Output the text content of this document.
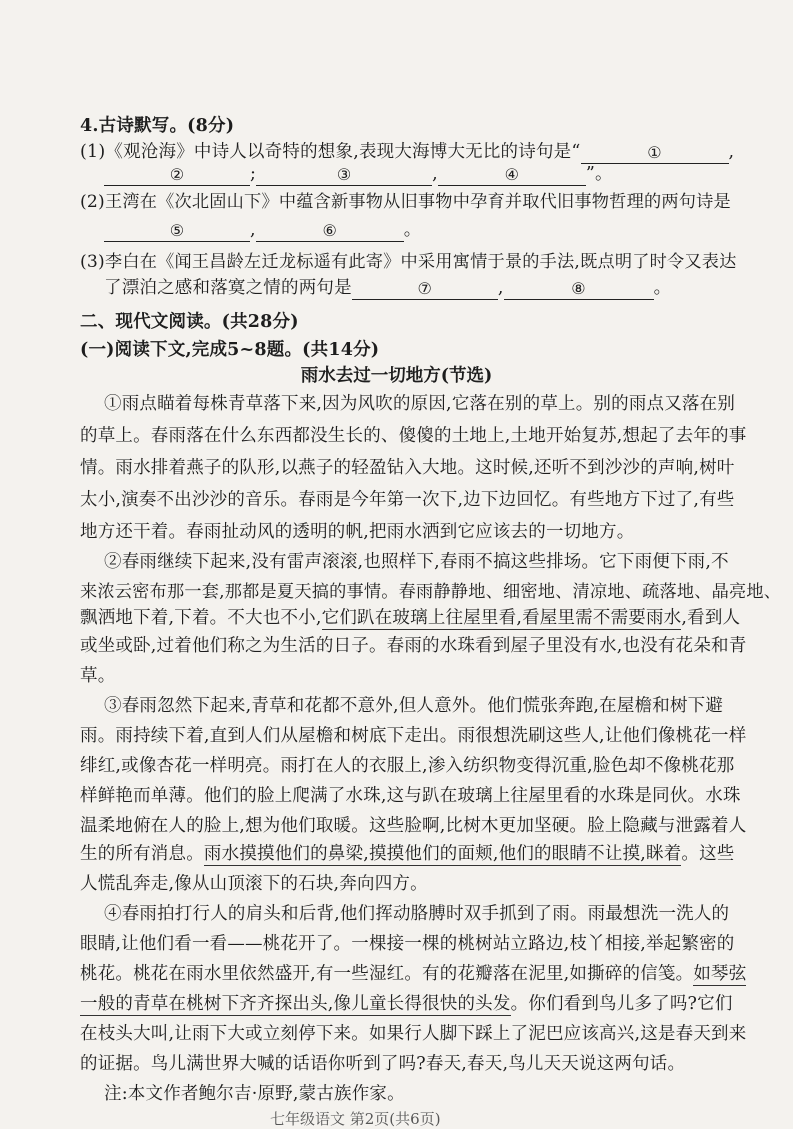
4.古诗默写。(8分)
(1)《观沧海》中诗人以奇特的想象,表现大海博大无比的诗句是“	①	,
②	;	③	,	④	”。
(2)王湾在《次北固山下》中蕴含新事物从旧事物中孕育并取代旧事物哲理的两句诗是
⑤	,	⑥	。
(3)李白在《闻王昌龄左迁龙标遥有此寄》中采用寓情于景的手法,既点明了时令又表达
了漂泊之感和落寞之情的两句是	⑦	,	⑧	。
二、现代文阅读。(共28分)
(一)阅读下文,完成5~8题。(共14分)
雨水去过一切地方(节选)
①雨点瞄着每株青草落下来,因为风吹的原因,它落在别的草上。别的雨点又落在别
的草上。春雨落在什么东西都没生长的、傻傻的土地上,土地开始复苏,想起了去年的事
情。雨水排着燕子的队形,以燕子的轻盈钻入大地。这时候,还听不到沙沙的声响,树叶
太小,演奏不出沙沙的音乐。春雨是今年第一次下,边下边回忆。有些地方下过了,有些
地方还干着。春雨扯动风的透明的帆,把雨水洒到它应该去的一切地方。
②春雨继续下起来,没有雷声滚滚,也照样下,春雨不搞这些排场。它下雨便下雨,不
来浓云密布那一套,那都是夏天搞的事情。春雨静静地、细密地、清凉地、疏落地、晶亮地、
飘洒地下着,下着。不大也不小,它们趴在玻璃上往屋里看,看屋里需不需要雨水,看到人
或坐或卧,过着他们称之为生活的日子。春雨的水珠看到屋子里没有水,也没有花朵和青
草。
③春雨忽然下起来,青草和花都不意外,但人意外。他们慌张奔跑,在屋檐和树下避
雨。雨持续下着,直到人们从屋檐和树底下走出。雨很想洗刷这些人,让他们像桃花一样
绯红,或像杏花一样明亮。雨打在人的衣服上,渗入纺织物变得沉重,脸色却不像桃花那
样鲜艳而单薄。他们的脸上爬满了水珠,这与趴在玻璃上往屋里看的水珠是同伙。水珠
温柔地俯在人的脸上,想为他们取暖。这些脸啊,比树木更加坚硬。脸上隐藏与泄露着人
生的所有消息。雨水摸摸他们的鼻梁,摸摸他们的面颊,他们的眼睛不让摸,眯着。这些
人慌乱奔走,像从山顶滚下的石块,奔向四方。
④春雨拍打行人的肩头和后背,他们挥动胳膊时双手抓到了雨。雨最想洗一洗人的
眼睛,让他们看一看——桃花开了。一棵接一棵的桃树站立路边,枝丫相接,举起繁密的
桃花。桃花在雨水里依然盛开,有一些湿红。有的花瓣落在泥里,如撕碎的信笺。如琴弦
一般的青草在桃树下齐齐探出头,像儿童长得很快的头发。你们看到鸟儿多了吗?它们
在枝头大叫,让雨下大或立刻停下来。如果行人脚下踩上了泥巴应该高兴,这是春天到来
的证据。鸟儿满世界大喊的话语你听到了吗?春天,春天,鸟儿天天说这两句话。
注:本文作者鲍尔吉·原野,蒙古族作家。
七年级语文 第2页(共6页)
